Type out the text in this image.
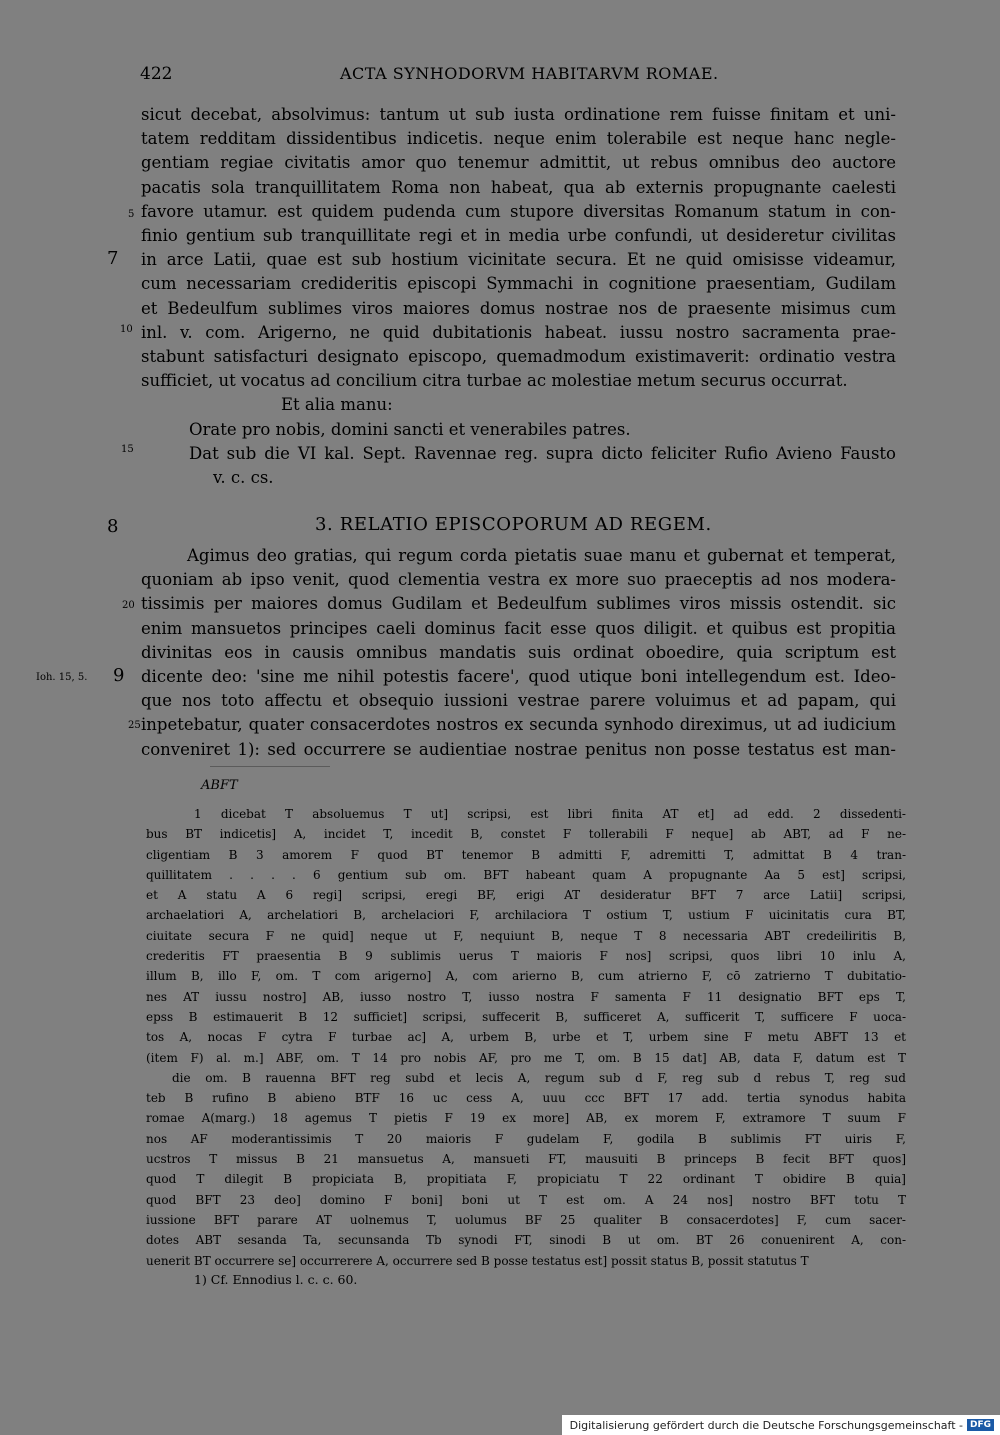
422	ACTA SYNHODORVM HABITARVM ROMAE.
sicut decebat, absolvimus: tantum ut sub iusta ordinatione rem fuisse finitam et uni-
tatem redditam dissidentibus indicetis. neque enim tolerabile est neque hanc negle-
gentiam regiae civitatis amor quo tenemur admittit, ut rebus omnibus deo auctore
pacatis sola tranquillitatem Roma non habeat, qua ab externis propugnante caelesti
favore utamur. est quidem pudenda cum stupore diversitas Romanum statum in con-
finio gentium sub tranquillitate regi et in media urbe confundi, ut desideretur civilitas
in arce Latii, quae est sub hostium vicinitate secura. Et ne quid omisisse videamur,
cum necessariam credideritis episcopi Symmachi in cognitione praesentiam, Gudilam
et Bedeulfum sublimes viros maiores domus nostrae nos de praesente misimus cum
inl. v. com. Arigerno, ne quid dubitationis habeat. iussu nostro sacramenta prae-
stabunt satisfacturi designato episcopo, quemadmodum existimaverit: ordinatio vestra
sufficiet, ut vocatus ad concilium citra turbae ac molestiae metum securus occurrat.
Et alia manu:
Orate pro nobis, domini sancti et venerabiles patres.
Dat sub die VI kal. Sept. Ravennae reg. supra dicto feliciter Rufio Avieno Fausto
v. c. cs.
5
7
10
15
8	3. RELATIO EPISCOPORUM AD REGEM.
Agimus deo gratias, qui regum corda pietatis suae manu et gubernat et temperat,
quoniam ab ipso venit, quod clementia vestra ex more suo praeceptis ad nos modera-
tissimis per maiores domus Gudilam et Bedeulfum sublimes viros missis ostendit. sic
enim mansuetos principes caeli dominus facit esse quos diligit. et quibus est propitia
divinitas eos in causis omnibus mandatis suis ordinat oboedire, quia scriptum est
dicente deo: 'sine me nihil potestis facere', quod utique boni intellegendum est. Ideo-
que nos toto affectu et obsequio iussioni vestrae parere voluimus et ad papam, qui
inpetebatur, quater consacerdotes nostros ex secunda synhodo direximus, ut ad iudicium
conveniret 1): sed occurrere se audientiae nostrae penitus non posse testatus est man-
20
Ioh. 15, 5. 9
25
ABFT
1 dicebat T absoluemus T ut] scripsi, est libri finita AT et] ad edd. 2 dissedenti-
bus BT indicetis] A, incidet T, incedit B, constet F tollerabili F neque] ab ABT, ad F ne-
cligentiam B 3 amorem F quod BT tenemor B admitti F, adremitti T, admittat B 4 tran-
quillitatem . . . . 6 gentium sub om. BFT habeant quam A propugnante Aa 5 est] scripsi,
et A statu A 6 regi] scripsi, eregi BF, erigi AT desideratur BFT 7 arce Latii] scripsi,
archaelatiori A, archelatiori B, archelaciori F, archilaciora T ostium T, ustium F uicinitatis cura BT,
ciuitate secura F ne quid] neque ut F, nequiunt B, neque T 8 necessaria ABT credeiliritis B,
crederitis FT praesentia B 9 sublimis uerus T maioris F nos] scripsi, quos libri 10 inlu A,
illum B, illo F, om. T com arigerno] A, com arierno B, cum atrierno F, cō zatrierno T dubitatio-
nes AT iussu nostro] AB, iusso nostro T, iusso nostra F samenta F 11 designatio BFT eps T,
epss B estimauerit B 12 sufficiet] scripsi, suffecerit B, sufficeret A, sufficerit T, sufficere F uoca-
tos A, nocas F cytra F turbae ac] A, urbem B, urbe et T, urbem sine F metu ABFT 13 et
(item F) al. m.] ABF, om. T 14 pro nobis AF, pro me T, om. B 15 dat] AB, data F, datum est T
die om. B rauenna BFT reg subd et lecis A, regum sub d F, reg sub d rebus T, reg sud
teb B rufino B abieno BTF 16 uc cess A, uuu ccc BFT 17 add. tertia synodus habita
romae A(marg.) 18 agemus T pietis F 19 ex more] AB, ex morem F, extramore T suum F
nos AF moderantissimis T 20 maioris F gudelam F, godila B sublimis FT uiris F,
ucstros T missus B 21 mansuetus A, mansueti FT, mausuiti B princeps B fecit BFT quos]
quod T dilegit B propiciata B, propitiata F, propiciatu T 22 ordinant T obidire B quia]
quod BFT 23 deo] domino F boni] boni ut T est om. A 24 nos] nostro BFT totu T
iussione BFT parare AT uolnemus T, uolumus BF 25 qualiter B consacerdotes] F, cum sacer-
dotes ABT sesanda Ta, secunsanda Tb synodi FT, sinodi B ut om. BT 26 conuenirent A, con-
uenerit BT occurrere se] occurrerere A, occurrere sed B posse testatus est] possit status B, possit statutus T
1) Cf. Ennodius l. c. c. 60.
Digitalisierung gefördert durch die Deutsche Forschungsgemeinschaft - DFG
